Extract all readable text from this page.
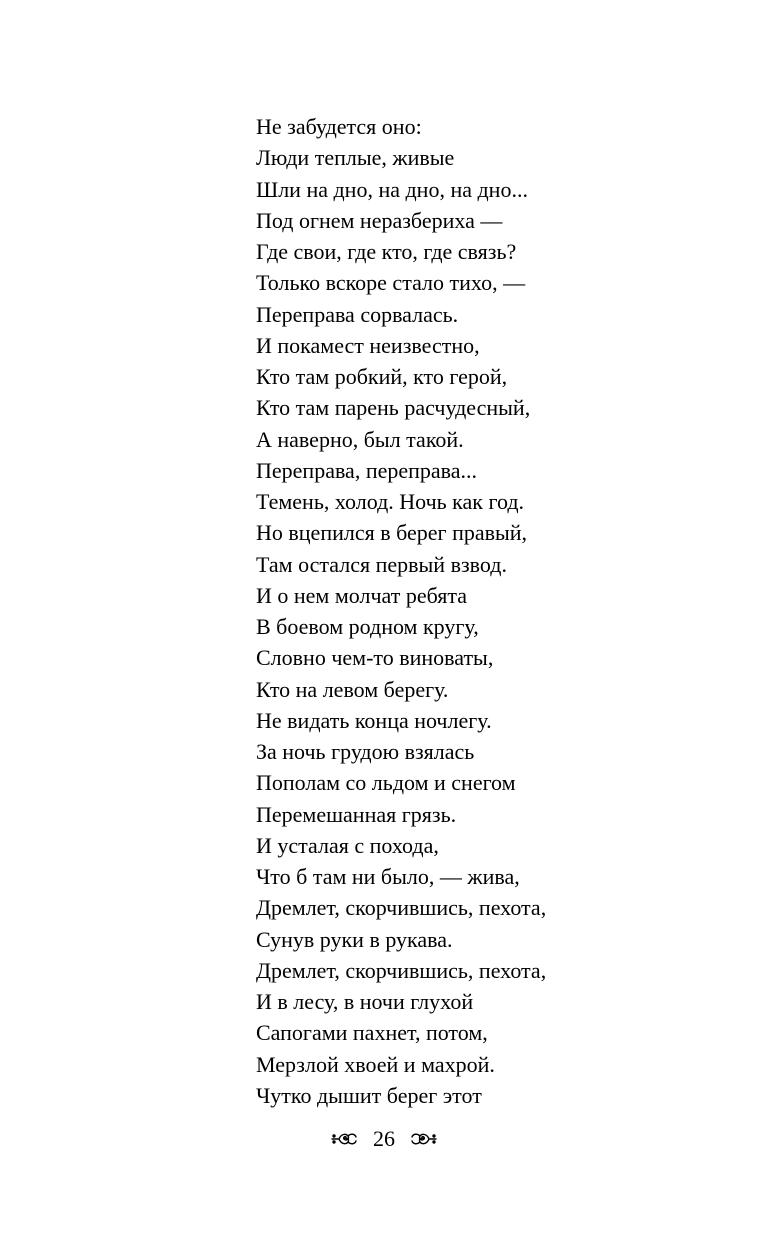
Не забудется оно:
Люди теплые, живые
Шли на дно, на дно, на дно...
Под огнем неразбериха —
Где свои, где кто, где связь?
Только вскоре стало тихо, —
Переправа сорвалась.
И покамест неизвестно,
Кто там робкий, кто герой,
Кто там парень расчудесный,
А наверно, был такой.
Переправа, переправа...
Темень, холод. Ночь как год.
Но вцепился в берег правый,
Там остался первый взвод.
И о нем молчат ребята
В боевом родном кругу,
Словно чем-то виноваты,
Кто на левом берегу.
Не видать конца ночлегу.
За ночь грудою взялась
Пополам со льдом и снегом
Перемешанная грязь.
И усталая с похода,
Что б там ни было, — жива,
Дремлет, скорчившись, пехота,
Сунув руки в рукава.
Дремлет, скорчившись, пехота,
И в лесу, в ночи глухой
Сапогами пахнет, потом,
Мерзлой хвоей и махрой.
Чутко дышит берег этот
26
